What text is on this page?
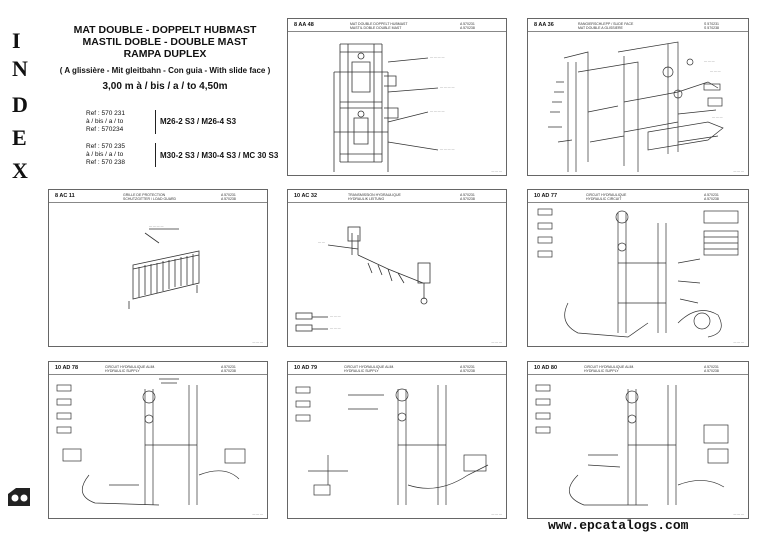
I
N
D
E
X
MAT DOUBLE - DOPPELT HUBMAST
MASTIL DOBLE - DOUBLE MAST
RAMPA DUPLEX
( A glissière - Mit gleitbahn - Con guia - With slide face )
3,00 m à / bis / a / to 4,50m
Ref : 570 231
à / bis / a / to
Ref : 570234
M26-2 S3 / M26-4 S3
Ref : 570 235
à / bis / a / to
Ref : 570 238
M30-2 S3 / M30-4 S3 / MC 30 S3
8 AA 48	MAT DOUBLE DOPPELT HUBMAST
MASTIL DOBLE DOUBLE MAST
A 570231
A 570238
— — — —
— — — —
— — — —
— — — —
— — —
8 AA 36	RANGIERSCHLEPP / SLIDE FACE
MAT DOUBLE A GLISSIERE
S 570231
S 570238
— — —
— — —
— — —
— — —
8 AC 11	GRILLE DE PROTECTION
SCHUTZGITTER / LOAD GUARD
A 570231
A 570238
— — — —
— — —
10 AC 32	TRANSMISSION HYDRAULIQUE
HYDRAULIK LEITUNG
A 570231
A 570238
— —
— — —
— — —
— — —
10 AD 77	CIRCUIT HYDRAULIQUE
HYDRAULIC CIRCUIT
A 570231
A 570238
— — —
10 AD 78	CIRCUIT HYDRAULIQUE ALIM.
HYDRAULIC SUPPLY
A 570231
A 570238
— — —
10 AD 79	CIRCUIT HYDRAULIQUE ALIM.
HYDRAULIC SUPPLY
A 570231
A 570238
— — —
10 AD 80	CIRCUIT HYDRAULIQUE ALIM.
HYDRAULIC SUPPLY
A 570231
A 570238
— — —
www.epcatalogs.com
